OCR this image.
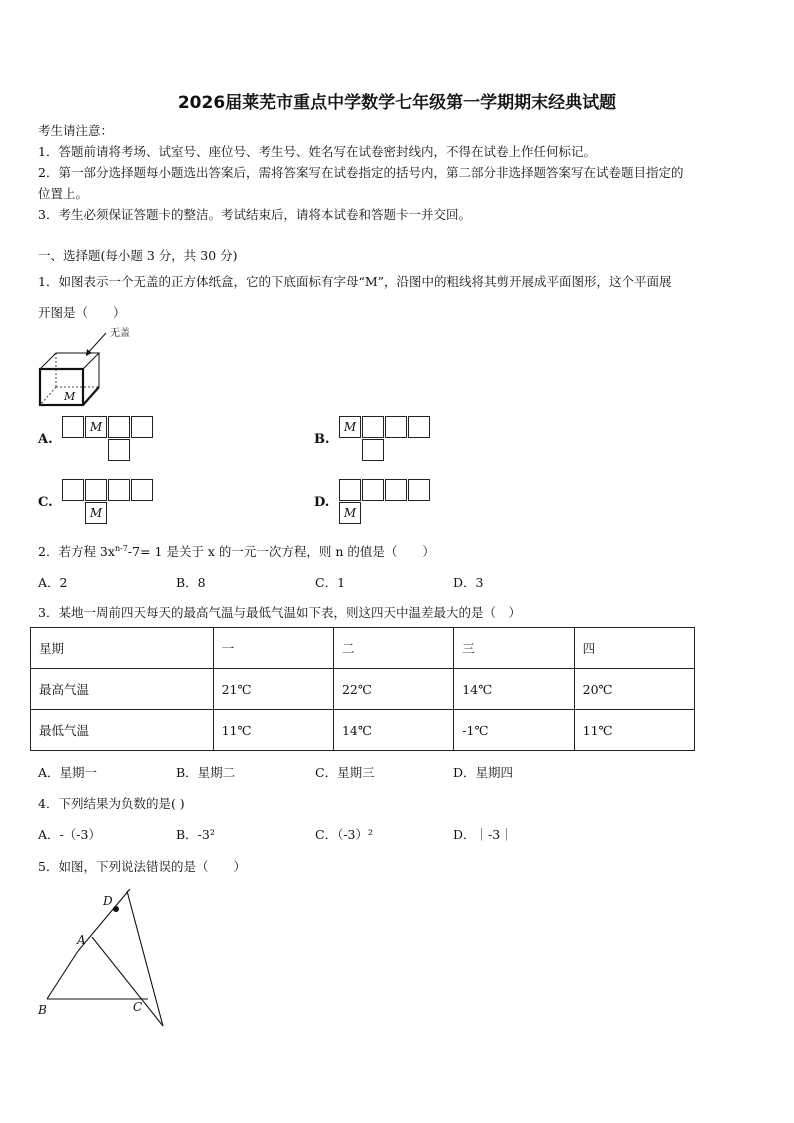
2026届莱芜市重点中学数学七年级第一学期期末经典试题
考生请注意：
1．答题前请将考场、试室号、座位号、考生号、姓名写在试卷密封线内，不得在试卷上作任何标记。
2．第一部分选择题每小题选出答案后，需将答案写在试卷指定的括号内，第二部分非选择题答案写在试卷题目指定的
位置上。
3．考生必须保证答题卡的整洁。考试结束后，请将本试卷和答题卡一并交回。
一、选择题(每小题 3 分，共 30 分)
1．如图表示一个无盖的正方体纸盒，它的下底面标有字母“M”，沿图中的粗线将其剪开展成平面图形，这个平面展
开图是（　　）
无盖
M
A.
M
B.
M
C.
M
D.
M
2．若方程 $3x^{n-7}-7= 1$ 是关于 x 的一元一次方程，则 n 的值是（　　）
A．2	B．8	C．1	D．3
3．某地一周前四天每天的最高气温与最低气温如下表，则这四天中温差最大的是（　）
星期	一	二	三	四
最高气温	21℃	22℃	14℃	20℃
最低气温	11℃	14℃	-1℃	11℃
A．星期一	B．星期二	C．星期三	D．星期四
4．下列结果为负数的是( )
A．-（-3）	B．-3²	C．（-3）²	D．｜-3｜
5．如图，下列说法错误的是（　　）
D
A
B	C
